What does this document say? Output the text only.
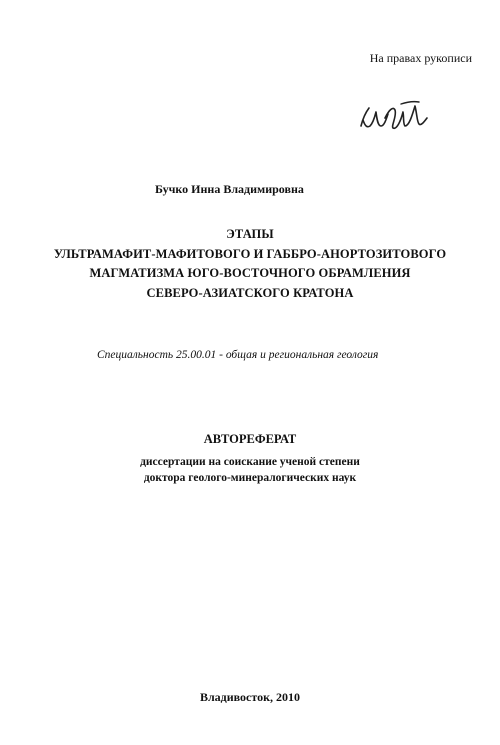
На правах рукописи
Бучко Инна Владимировна
ЭТАПЫ
УЛЬТРАМАФИТ-МАФИТОВОГО И ГАББРО-АНОРТОЗИТОВОГО
МАГМАТИЗМА ЮГО-ВОСТОЧНОГО ОБРАМЛЕНИЯ
СЕВЕРО-АЗИАТСКОГО КРАТОНА
Специальность 25.00.01 - общая и региональная геология
АВТОРЕФЕРАТ
диссертации на соискание ученой степени
доктора геолого-минералогических наук
Владивосток, 2010
